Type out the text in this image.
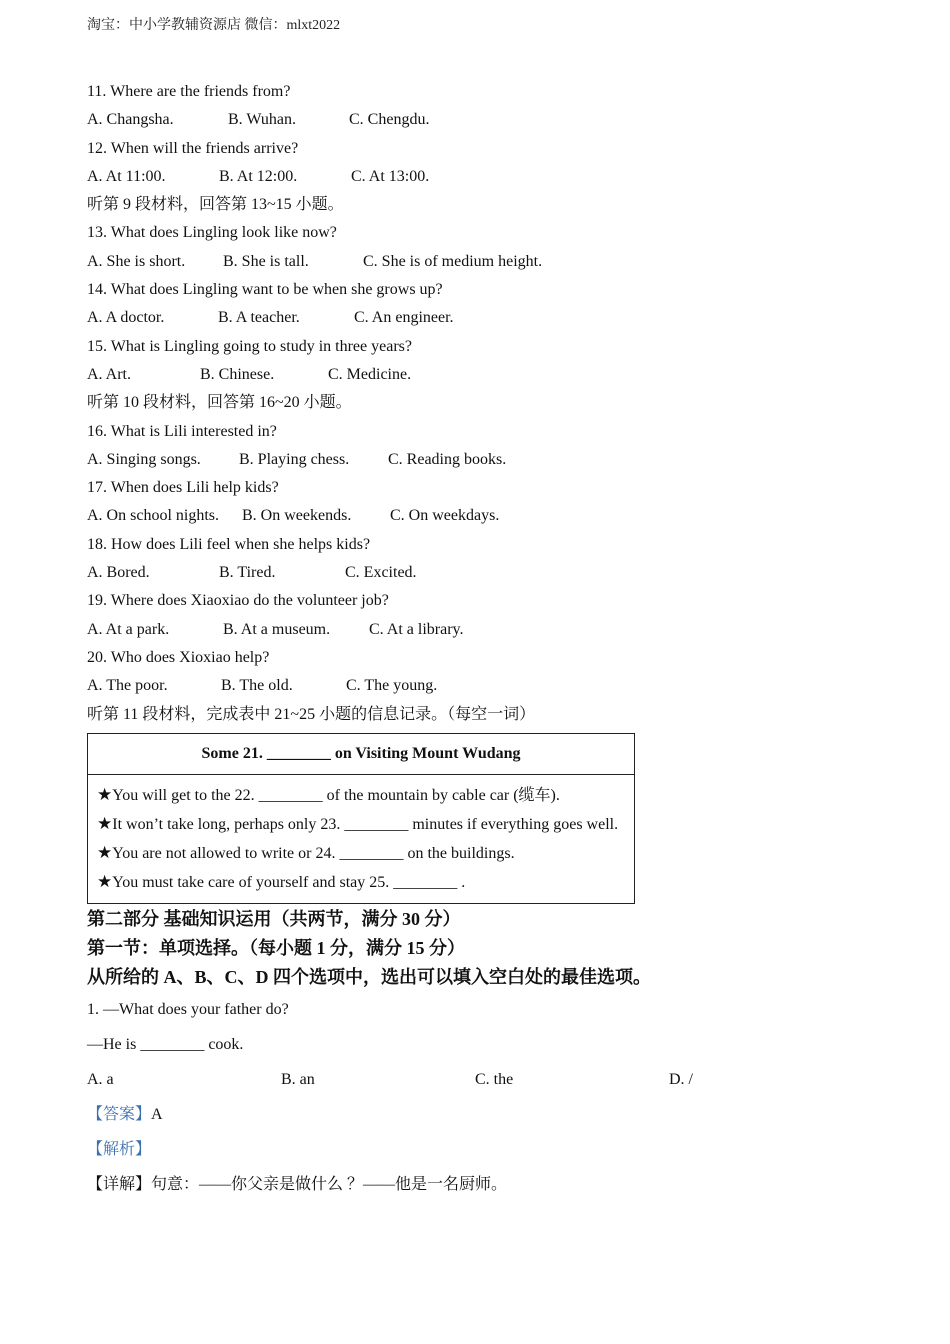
淘宝：中小学教辅资源店 微信：mlxt2022
11. Where are the friends from?
A. Changsha.	B. Wuhan.	C. Chengdu.
12. When will the friends arrive?
A. At 11:00.	B. At 12:00.	C. At 13:00.
听第 9 段材料，回答第 13~15 小题。
13. What does Lingling look like now?
A. She is short.	B. She is tall.	C. She is of medium height.
14. What does Lingling want to be when she grows up?
A. A doctor.	B. A teacher.	C. An engineer.
15. What is Lingling going to study in three years?
A. Art.	B. Chinese.	C. Medicine.
听第 10 段材料，回答第 16~20 小题。
16. What is Lili interested in?
A. Singing songs.	B. Playing chess.	C. Reading books.
17. When does Lili help kids?
A. On school nights.	B. On weekends.	C. On weekdays.
18. How does Lili feel when she helps kids?
A. Bored.	B. Tired.	C. Excited.
19. Where does Xiaoxiao do the volunteer job?
A. At a park.	B. At a museum.	C. At a library.
20. Who does Xioxiao help?
A. The poor.	B. The old.	C. The young.
听第 11 段材料，完成表中 21~25 小题的信息记录。（每空一词）
Some 21. ________ on Visiting Mount Wudang

★You will get to the 22. ________ of the mountain by cable car (缆车).
★It won’t take long, perhaps only 23. ________ minutes if everything goes well.
★You are not allowed to write or 24. ________ on the buildings.
★You must take care of yourself and stay 25. ________ .
第二部分 基础知识运用（共两节，满分 30 分）
第一节：单项选择。（每小题 1 分，满分 15 分）
从所给的 A、B、C、D 四个选项中，选出可以填入空白处的最佳选项。
1. —What does your father do?
—He is ________ cook.
A. a	B. an	C. the	D. /
【答案】A
【解析】
【详解】句意：——你父亲是做什么 ？——他是一名厨师。
